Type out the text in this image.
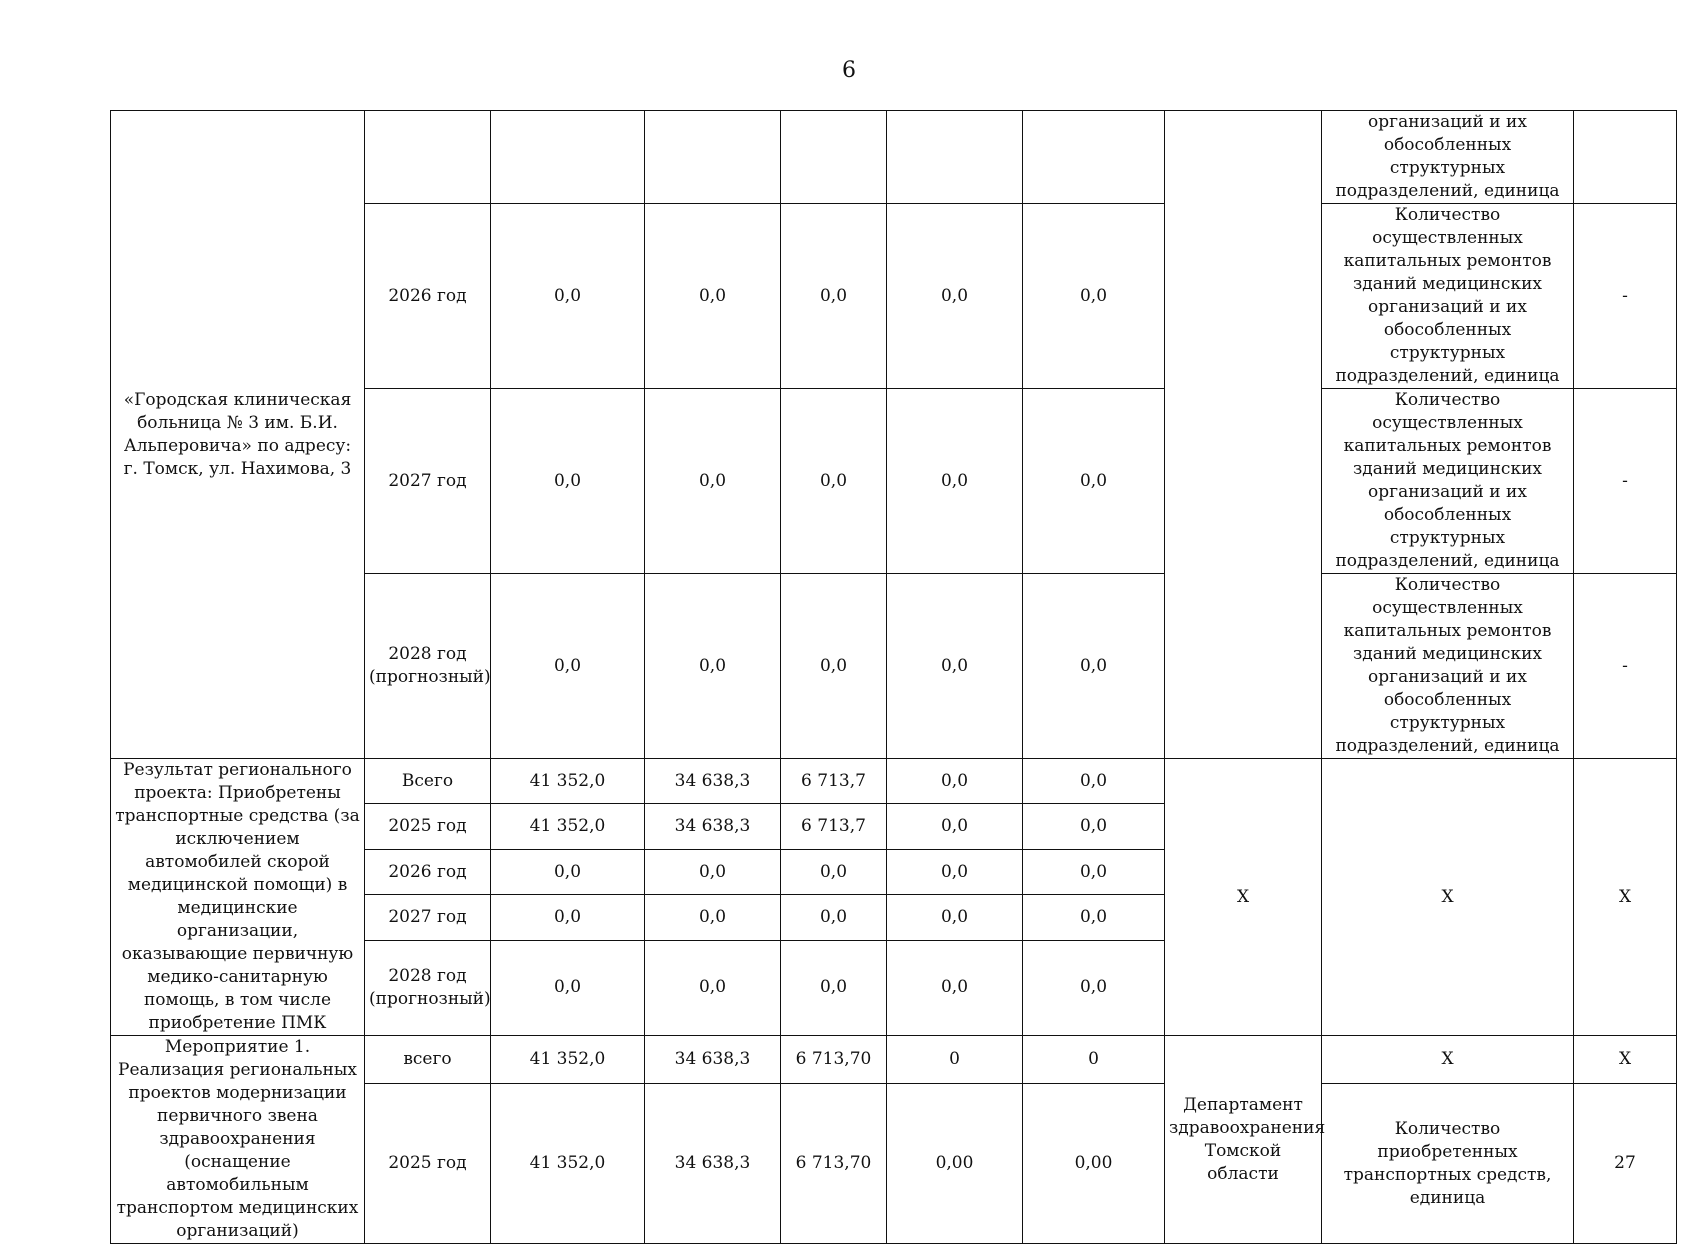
6
«Городская клиническая больница № 3 им. Б.И. Альперовича» по адресу: г. Томск, ул. Нахимова, 3								организаций и их обособленных структурных подразделений, единица	
	2026 год	0,0	0,0	0,0	0,0	0,0		Количество осуществленных капитальных ремонтов зданий медицинских организаций и их обособленных структурных подразделений, единица	-
	2027 год	0,0	0,0	0,0	0,0	0,0		Количество осуществленных капитальных ремонтов зданий медицинских организаций и их обособленных структурных подразделений, единица	-
	2028 год (прогнозный)	0,0	0,0	0,0	0,0	0,0		Количество осуществленных капитальных ремонтов зданий медицинских организаций и их обособленных структурных подразделений, единица	-
Результат регионального проекта: Приобретены транспортные средства (за исключением автомобилей скорой медицинской помощи) в медицинские организации, оказывающие первичную медико-санитарную помощь, в том числе приобретение ПМК	Всего	41 352,0	34 638,3	6 713,7	0,0	0,0	X	X	X
	2025 год	41 352,0	34 638,3	6 713,7	0,0	0,0			
	2026 год	0,0	0,0	0,0	0,0	0,0			
	2027 год	0,0	0,0	0,0	0,0	0,0			
	2028 год (прогнозный)	0,0	0,0	0,0	0,0	0,0			
Мероприятие 1. Реализация региональных проектов модернизации первичного звена здравоохранения (оснащение автомобильным транспортом медицинских организаций)	всего	41 352,0	34 638,3	6 713,70	0	0	Департамент здравоохранения Томской области	X	X
	2025 год	41 352,0	34 638,3	6 713,70	0,00	0,00		Количество приобретенных транспортных средств, единица	27
